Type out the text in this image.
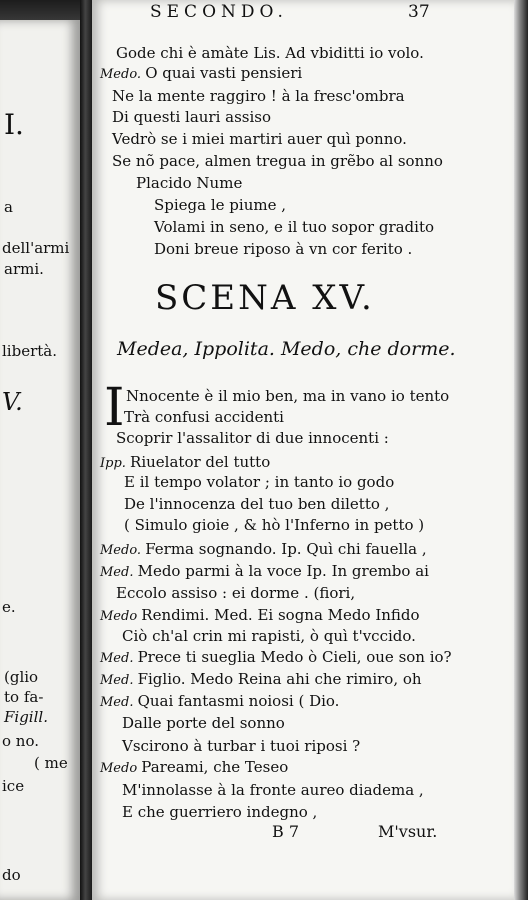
I.
a
dell'armi
armi.
libertà.
V.
e.
(glio
to fa-
Figill.
o no.
( me
ice
do
SECONDO.	37
Gode chi è amàte Lis. Ad vbiditti io volo.
Medo. O quai vasti pensieri
Ne la mente raggiro ! à la fresc'ombra
Di questi lauri assiso
Vedrò se i miei martiri auer quì ponno.
Se nõ pace, almen tregua in grẽbo al sonno
Placido Nume
Spiega le piume ,
Volami in seno, e il tuo sopor gradito
Doni breue riposo à vn cor ferito .
SCENA XV.
Medea, Ippolita. Medo, che dorme.
I Nnocente è il mio ben, ma in vano io tento
Trà confusi accidenti
Scoprir l'assalitor di due innocenti :
Ipp. Riuelator del tutto
E il tempo volator ; in tanto io godo
De l'innocenza del tuo ben diletto ,
( Simulo gioie , & hò l'Inferno in petto )
Medo. Ferma sognando. Ip. Quì chi fauella ,
Med. Medo parmi à la voce Ip. In grembo ai
Eccolo assiso : ei dorme . (fiori,
Medo Rendimi. Med. Ei sogna Medo Infido
Ciò ch'al crin mi rapisti, ò quì t'vccido.
Med. Prece ti sueglia Medo ò Cieli, oue son io?
Med. Figlio. Medo Reina ahi che rimiro, oh
Med. Quai fantasmi noiosi ( Dio.
Dalle porte del sonno
Vscirono à turbar i tuoi riposi ?
Medo Pareami, che Teseo
M'innolasse à la fronte aureo diadema ,
E che guerriero indegno ,
B 7	M'vsur.
